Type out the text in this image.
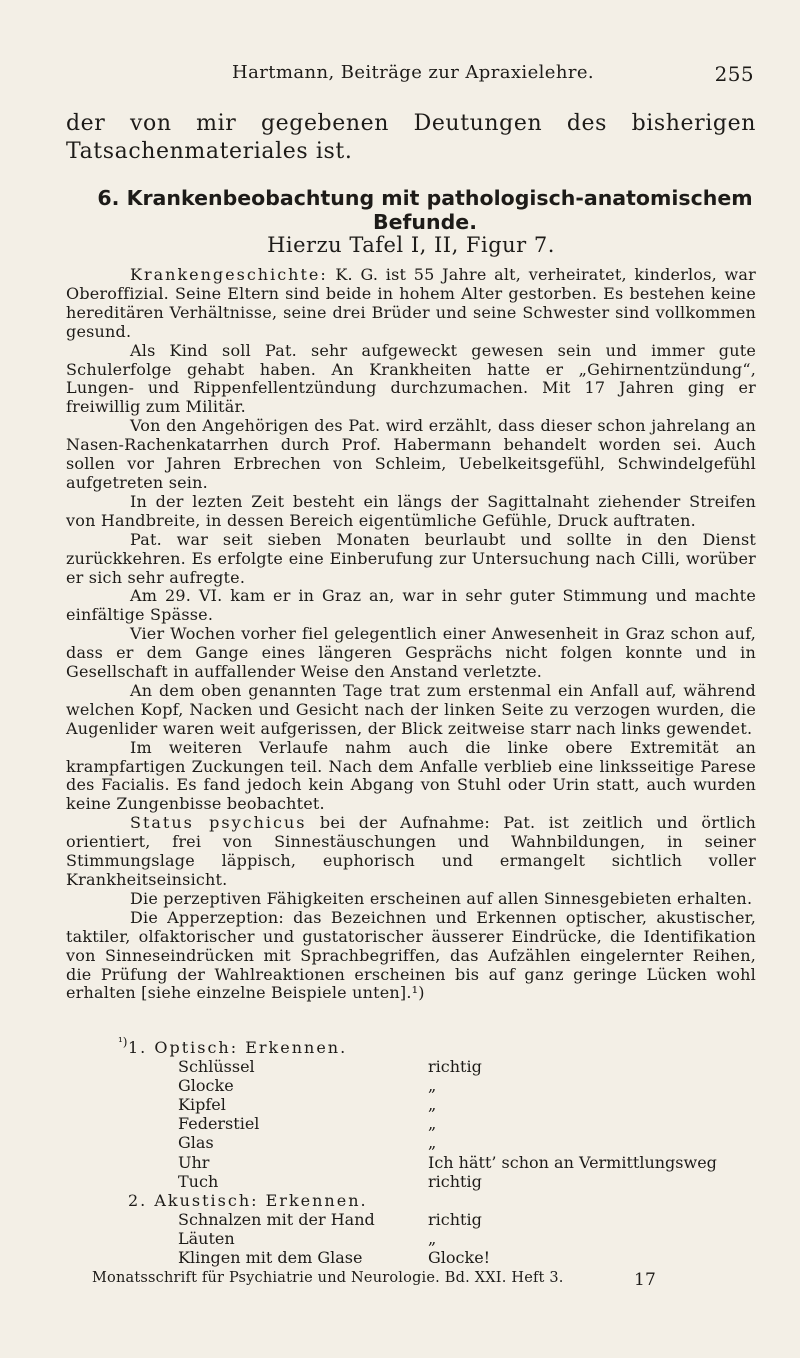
Hartmann, Beiträge zur Apraxielehre.	255
der von mir gegebenen Deutungen des bisherigen Tatsachenmateriales ist.
6. Krankenbeobachtung mit pathologisch-anatomischem
Befunde.
Hierzu Tafel I, II, Figur 7.

Krankengeschichte: K. G. ist 55 Jahre alt, verheiratet, kinderlos, war Oberoffizial. Seine Eltern sind beide in hohem Alter gestorben. Es bestehen keine hereditären Verhältnisse, seine drei Brüder und seine Schwester sind vollkommen gesund.

Als Kind soll Pat. sehr aufgeweckt gewesen sein und immer gute Schulerfolge gehabt haben. An Krankheiten hatte er „Gehirnentzündung“, Lungen- und Rippenfellentzündung durchzumachen. Mit 17 Jahren ging er freiwillig zum Militär.

Von den Angehörigen des Pat. wird erzählt, dass dieser schon jahrelang an Nasen-Rachenkatarrhen durch Prof. Habermann behandelt worden sei. Auch sollen vor Jahren Erbrechen von Schleim, Uebelkeitsgefühl, Schwindelgefühl aufgetreten sein.

In der lezten Zeit besteht ein längs der Sagittalnaht ziehender Streifen von Handbreite, in dessen Bereich eigentümliche Gefühle, Druck auftraten.

Pat. war seit sieben Monaten beurlaubt und sollte in den Dienst zurückkehren. Es erfolgte eine Einberufung zur Untersuchung nach Cilli, worüber er sich sehr aufregte.

Am 29. VI. kam er in Graz an, war in sehr guter Stimmung und machte einfältige Spässe.

Vier Wochen vorher fiel gelegentlich einer Anwesenheit in Graz schon auf, dass er dem Gange eines längeren Gesprächs nicht folgen konnte und in Gesellschaft in auffallender Weise den Anstand verletzte.

An dem oben genannten Tage trat zum erstenmal ein Anfall auf, während welchen Kopf, Nacken und Gesicht nach der linken Seite zu verzogen wurden, die Augenlider waren weit aufgerissen, der Blick zeitweise starr nach links gewendet.

Im weiteren Verlaufe nahm auch die linke obere Extremität an krampfartigen Zuckungen teil. Nach dem Anfalle verblieb eine linksseitige Parese des Facialis. Es fand jedoch kein Abgang von Stuhl oder Urin statt, auch wurden keine Zungenbisse beobachtet.

Status psychicus bei der Aufnahme: Pat. ist zeitlich und örtlich orientiert, frei von Sinnestäuschungen und Wahnbildungen, in seiner Stimmungslage läppisch, euphorisch und ermangelt sichtlich voller Krankheitseinsicht.

Die perzeptiven Fähigkeiten erscheinen auf allen Sinnesgebieten erhalten.

Die Apperzeption: das Bezeichnen und Erkennen optischer, akustischer, taktiler, olfaktorischer und gustatorischer äusserer Eindrücke, die Identifikation von Sinneseindrücken mit Sprachbegriffen, das Aufzählen eingelernter Reihen, die Prüfung der Wahlreaktionen erscheinen bis auf ganz geringe Lücken wohl erhalten [siehe einzelne Beispiele unten].¹)

¹) 1. Optisch: Erkennen.
Schlüssel	richtig
Glocke	„
Kipfel	„
Federstiel	„
Glas	„
Uhr	Ich hätt’ schon an Vermittlungsweg
Tuch	richtig
2. Akustisch: Erkennen.
Schnalzen mit der Hand	richtig
Läuten	„
Klingen mit dem Glase	Glocke!
Monatsschrift für Psychiatrie und Neurologie. Bd. XXI. Heft 3.	17
